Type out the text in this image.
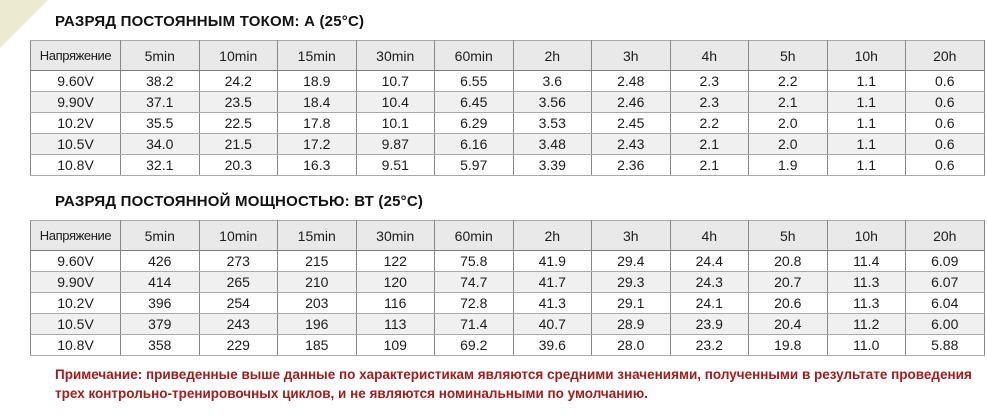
РАЗРЯД ПОСТОЯННЫМ ТОКОМ: А (25°C)
Напряжение	5min	10min	15min	30min	60min	2h	3h	4h	5h	10h	20h
9.60V	38.2	24.2	18.9	10.7	6.55	3.6	2.48	2.3	2.2	1.1	0.6
9.90V	37.1	23.5	18.4	10.4	6.45	3.56	2.46	2.3	2.1	1.1	0.6
10.2V	35.5	22.5	17.8	10.1	6.29	3.53	2.45	2.2	2.0	1.1	0.6
10.5V	34.0	21.5	17.2	9.87	6.16	3.48	2.43	2.1	2.0	1.1	0.6
10.8V	32.1	20.3	16.3	9.51	5.97	3.39	2.36	2.1	1.9	1.1	0.6
РАЗРЯД ПОСТОЯННОЙ МОЩНОСТЬЮ: ВТ (25°C)
Напряжение	5min	10min	15min	30min	60min	2h	3h	4h	5h	10h	20h
9.60V	426	273	215	122	75.8	41.9	29.4	24.4	20.8	11.4	6.09
9.90V	414	265	210	120	74.7	41.7	29.3	24.3	20.7	11.3	6.07
10.2V	396	254	203	116	72.8	41.3	29.1	24.1	20.6	11.3	6.04
10.5V	379	243	196	113	71.4	40.7	28.9	23.9	20.4	11.2	6.00
10.8V	358	229	185	109	69.2	39.6	28.0	23.2	19.8	11.0	5.88

Примечание: приведенные выше данные по характеристикам являются средними значениями, полученными в результате проведения
трех контрольно-тренировочных циклов, и не являются номинальными по умолчанию.
